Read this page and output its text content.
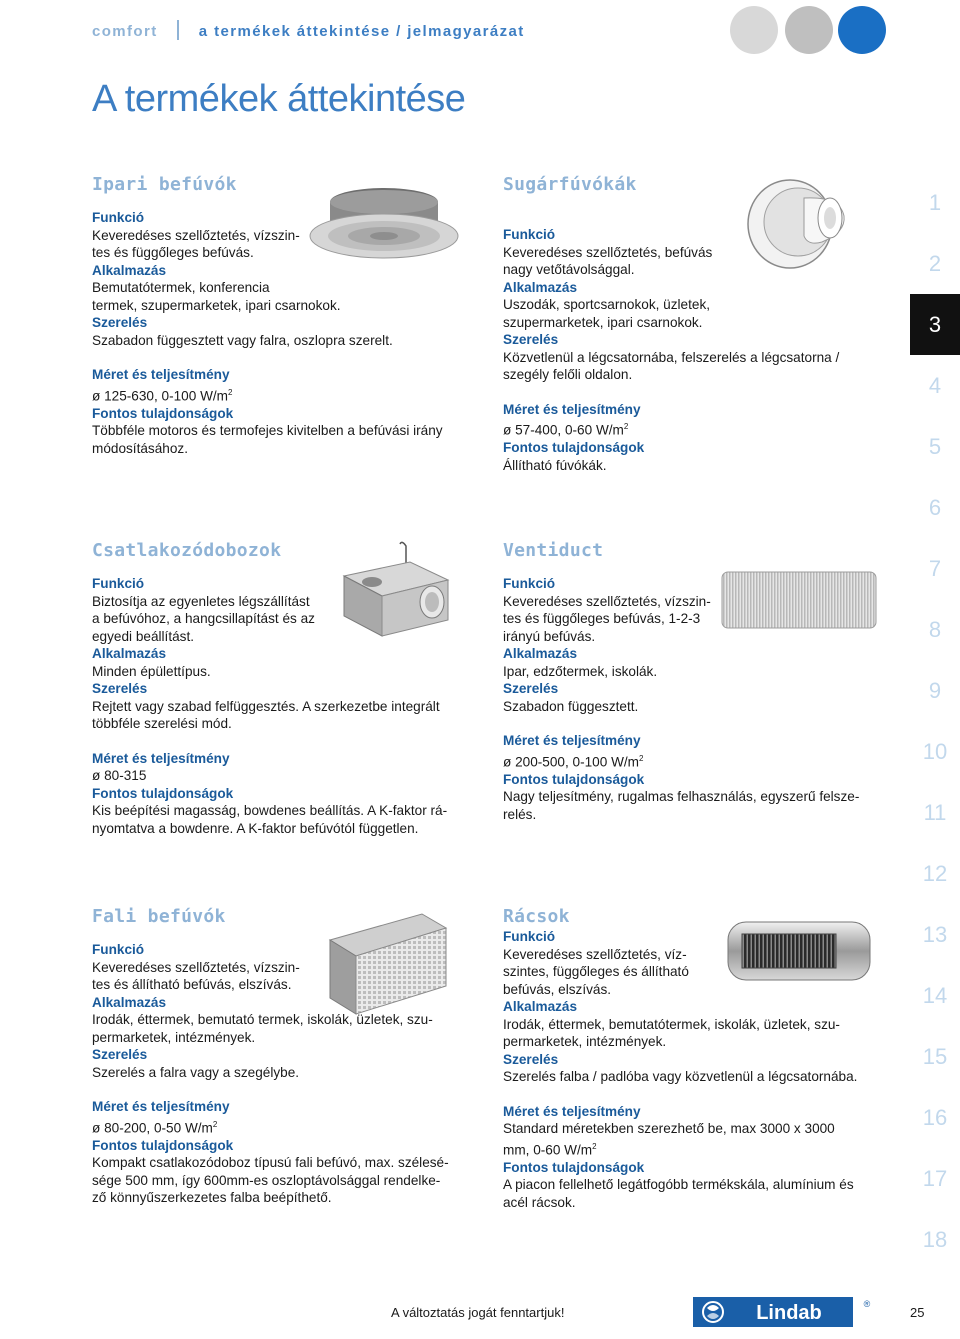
comfort	a termékek áttekintése / jelmagyarázat
A termékek áttekintése
Ipari befúvók
Funkció
Keveredéses szellőztetés, vízszin-
tes és függőleges befúvás.
Alkalmazás
Bemutatótermek, konferencia
termek, szupermarketek, ipari csarnokok.
Szerelés
Szabadon függesztett vagy falra, oszlopra szerelt.
Méret és teljesítmény
ø 125-630, 0-100 $W/m^2$
Fontos tulajdonságok
Többféle motoros és termofejes kivitelben a befúvási irány
módosításához.
Sugárfúvókák
Funkció
Keveredéses szellőztetés, befúvás
nagy vetőtávolsággal.
Alkalmazás
Uszodák, sportcsarnokok, üzletek,
szupermarketek, ipari csarnokok.
Szerelés
Közvetlenül a légcsatornába, felszerelés a légcsatorna /
szegély felőli oldalon.
Méret és teljesítmény
ø 57-400, 0-60 $W/m^2$
Fontos tulajdonságok
Állítható fúvókák.
Csatlakozódobozok
Funkció
Biztosítja az egyenletes légszállítást
a befúvóhoz, a hangcsillapítást és az
egyedi beállítást.
Alkalmazás
Minden épülettípus.
Szerelés
Rejtett vagy szabad felfüggesztés. A szerkezetbe integrált
többféle szerelési mód.
Méret és teljesítmény
ø 80-315
Fontos tulajdonságok
Kis beépítési magasság, bowdenes beállítás. A K-faktor rá-
nyomtatva a bowdenre. A K-faktor befúvótól független.
Ventiduct
Funkció
Keveredéses szellőztetés, vízszin-
tes és függőleges befúvás, 1-2-3
irányú befúvás.
Alkalmazás
Ipar, edzőtermek, iskolák.
Szerelés
Szabadon függesztett.
Méret és teljesítmény
ø 200-500, 0-100 $W/m^2$
Fontos tulajdonságok
Nagy teljesítmény, rugalmas felhasználás, egyszerű felsze-
relés.
Fali befúvók
Funkció
Keveredéses szellőztetés, vízszin-
tes és állítható befúvás, elszívás.
Alkalmazás
Irodák, éttermek, bemutató termek, iskolák, üzletek, szu-
permarketek, intézmények.
Szerelés
Szerelés a falra vagy a szegélybe.
Méret és teljesítmény
ø 80-200, 0-50 $W/m^2$
Fontos tulajdonságok
Kompakt csatlakozódoboz típusú fali befúvó, max. szélesé-
sége 500 mm, így 600mm-es oszloptávolsággal rendelke-
ző könnyűszerkezetes falba beépíthető.
Rácsok
Funkció
Keveredéses szellőztetés, víz-
szintes, függőleges és állítható
befúvás, elszívás.
Alkalmazás
Irodák, éttermek, bemutatótermek, iskolák, üzletek, szu-
permarketek, intézmények.
Szerelés
Szerelés falba / padlóba vagy közvetlenül a légcsatornába.
Méret és teljesítmény
Standard méretekben szerezhető be, max 3000 x 3000
mm, 0-60 $W/m^2$
Fontos tulajdonságok
A piacon fellelhető legátfogóbb termékskála, alumínium és
acél rácsok.
1
2
3
4
5
6
7
8
9
10
11
12
13
14
15
16
17
18
A változtatás jogát fenntartjuk!	Lindab	®
25
